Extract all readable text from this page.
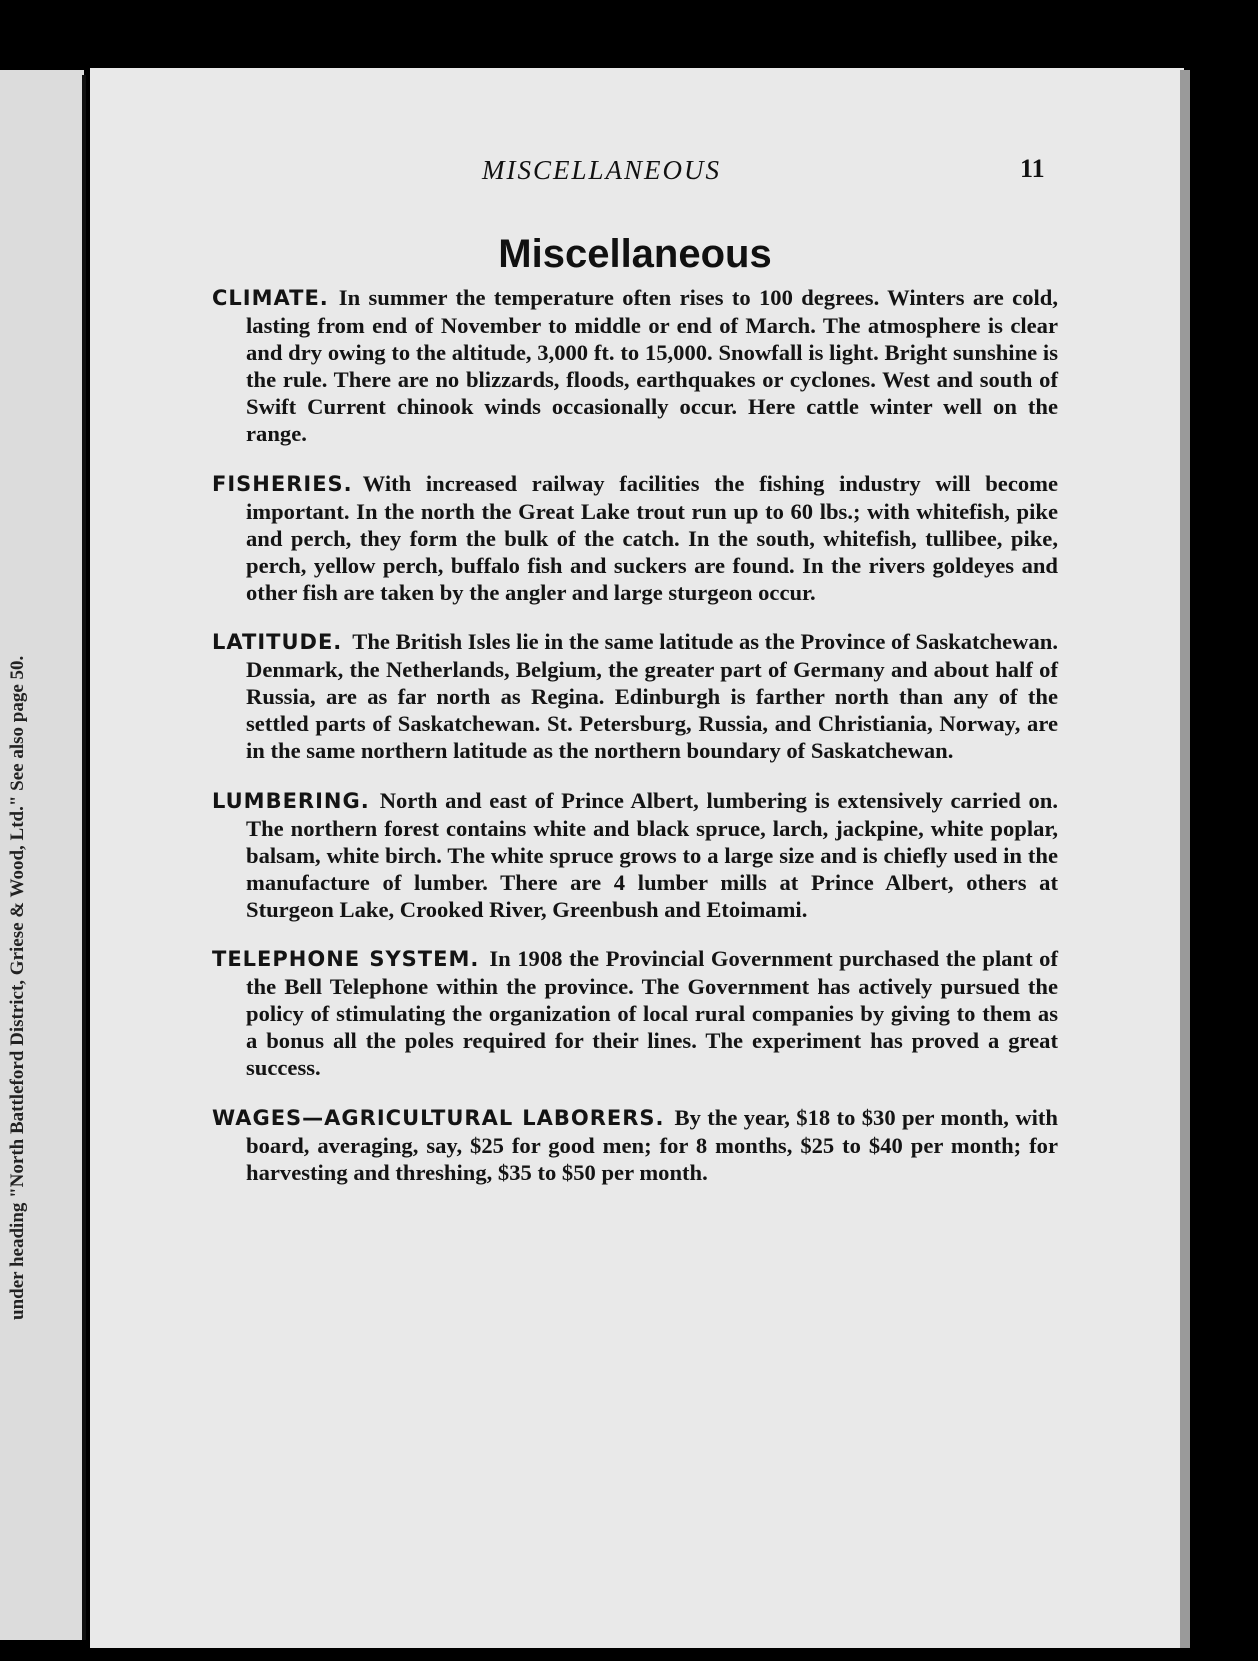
under heading "North Battleford District, Griese & Wood, Ltd." See also page 50.
MISCELLANEOUS	11
Miscellaneous

CLIMATE. In summer the temperature often rises to 100 degrees. Winters are cold, lasting from end of November to middle or end of March. The atmosphere is clear and dry owing to the altitude, 3,000 ft. to 15,000. Snowfall is light. Bright sunshine is the rule. There are no blizzards, floods, earthquakes or cyclones. West and south of Swift Current chinook winds occasionally occur. Here cattle winter well on the range.

FISHERIES. With increased railway facilities the fishing industry will become important. In the north the Great Lake trout run up to 60 lbs.; with whitefish, pike and perch, they form the bulk of the catch. In the south, whitefish, tullibee, pike, perch, yellow perch, buffalo fish and suckers are found. In the rivers goldeyes and other fish are taken by the angler and large sturgeon occur.

LATITUDE. The British Isles lie in the same latitude as the Province of Saskatchewan. Denmark, the Netherlands, Belgium, the greater part of Germany and about half of Russia, are as far north as Regina. Edinburgh is farther north than any of the settled parts of Saskatchewan. St. Petersburg, Russia, and Christiania, Norway, are in the same northern latitude as the northern boundary of Saskatchewan.

LUMBERING. North and east of Prince Albert, lumbering is extensively carried on. The northern forest contains white and black spruce, larch, jackpine, white poplar, balsam, white birch. The white spruce grows to a large size and is chiefly used in the manufacture of lumber. There are 4 lumber mills at Prince Albert, others at Sturgeon Lake, Crooked River, Greenbush and Etoimami.

TELEPHONE SYSTEM. In 1908 the Provincial Government purchased the plant of the Bell Telephone within the province. The Government has actively pursued the policy of stimulating the organization of local rural companies by giving to them as a bonus all the poles required for their lines. The experiment has proved a great success.

WAGES—AGRICULTURAL LABORERS. By the year, $18 to $30 per month, with board, averaging, say, $25 for good men; for 8 months, $25 to $40 per month; for harvesting and threshing, $35 to $50 per month.
